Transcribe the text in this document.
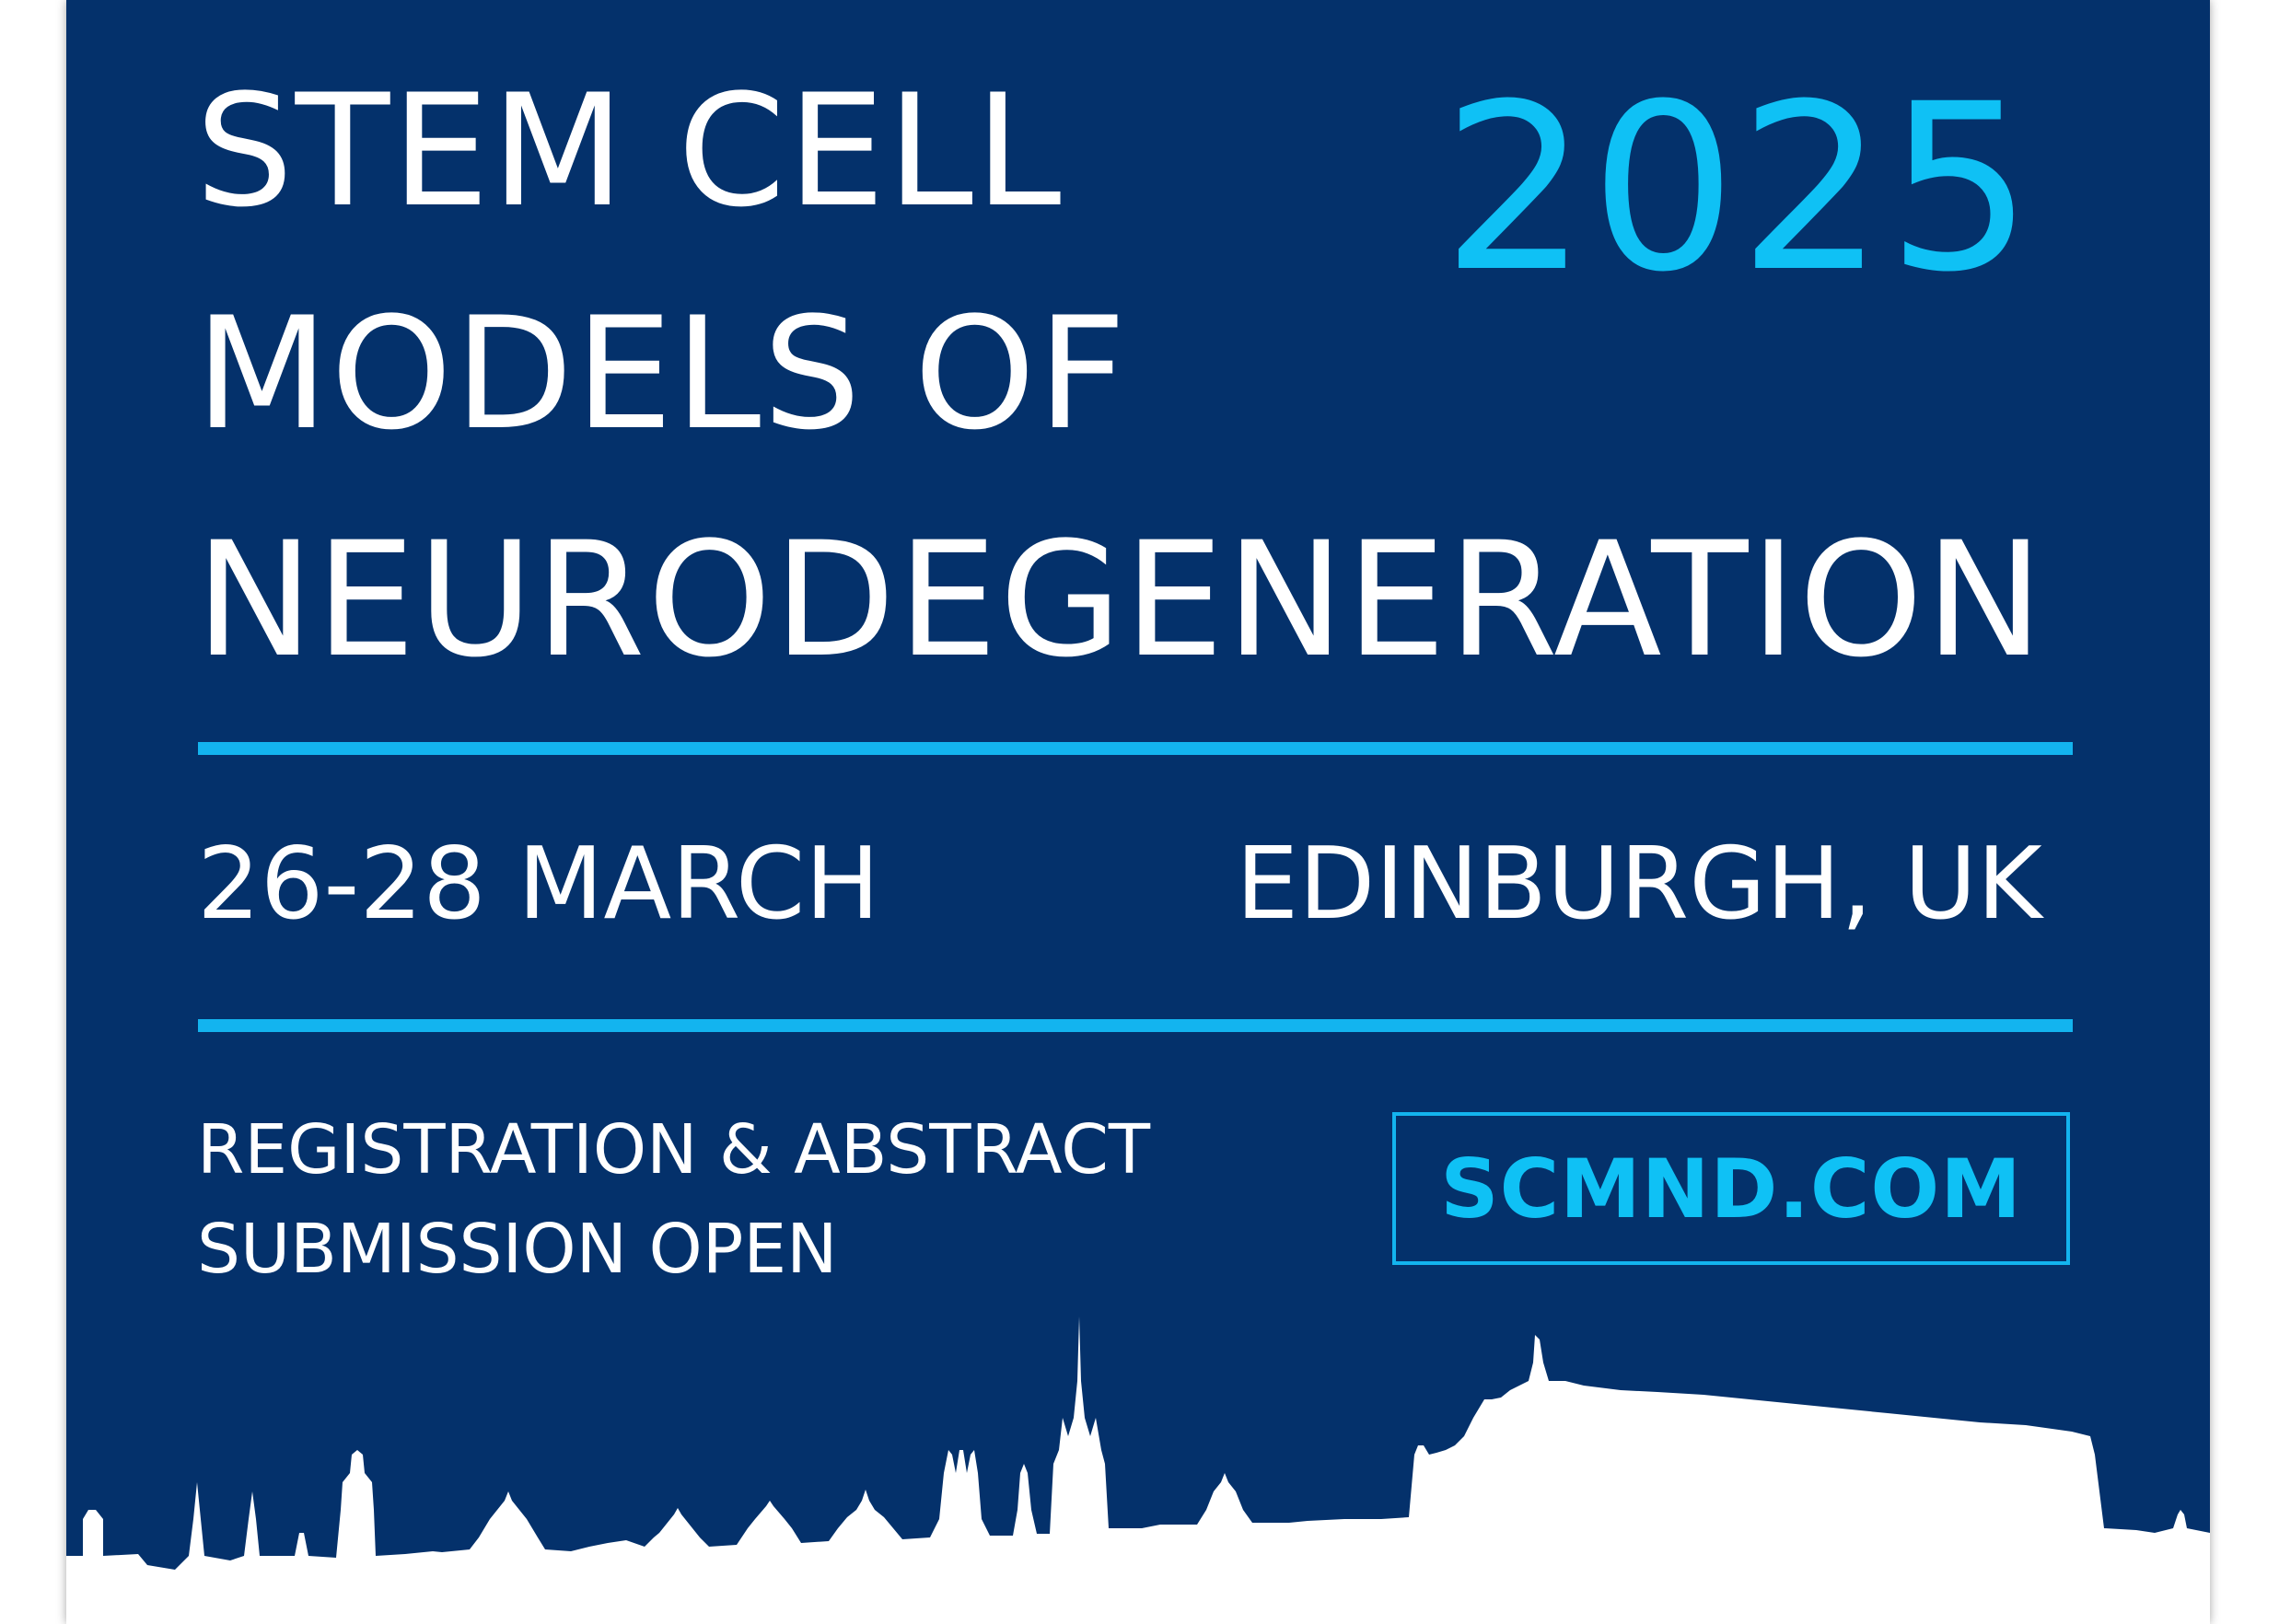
STEM CELL
MODELS OF
NEURODEGENERATION
2025
26-28 MARCH	EDINBURGH, UK
REGISTRATION & ABSTRACT
SUBMISSION OPEN
SCMND.COM
